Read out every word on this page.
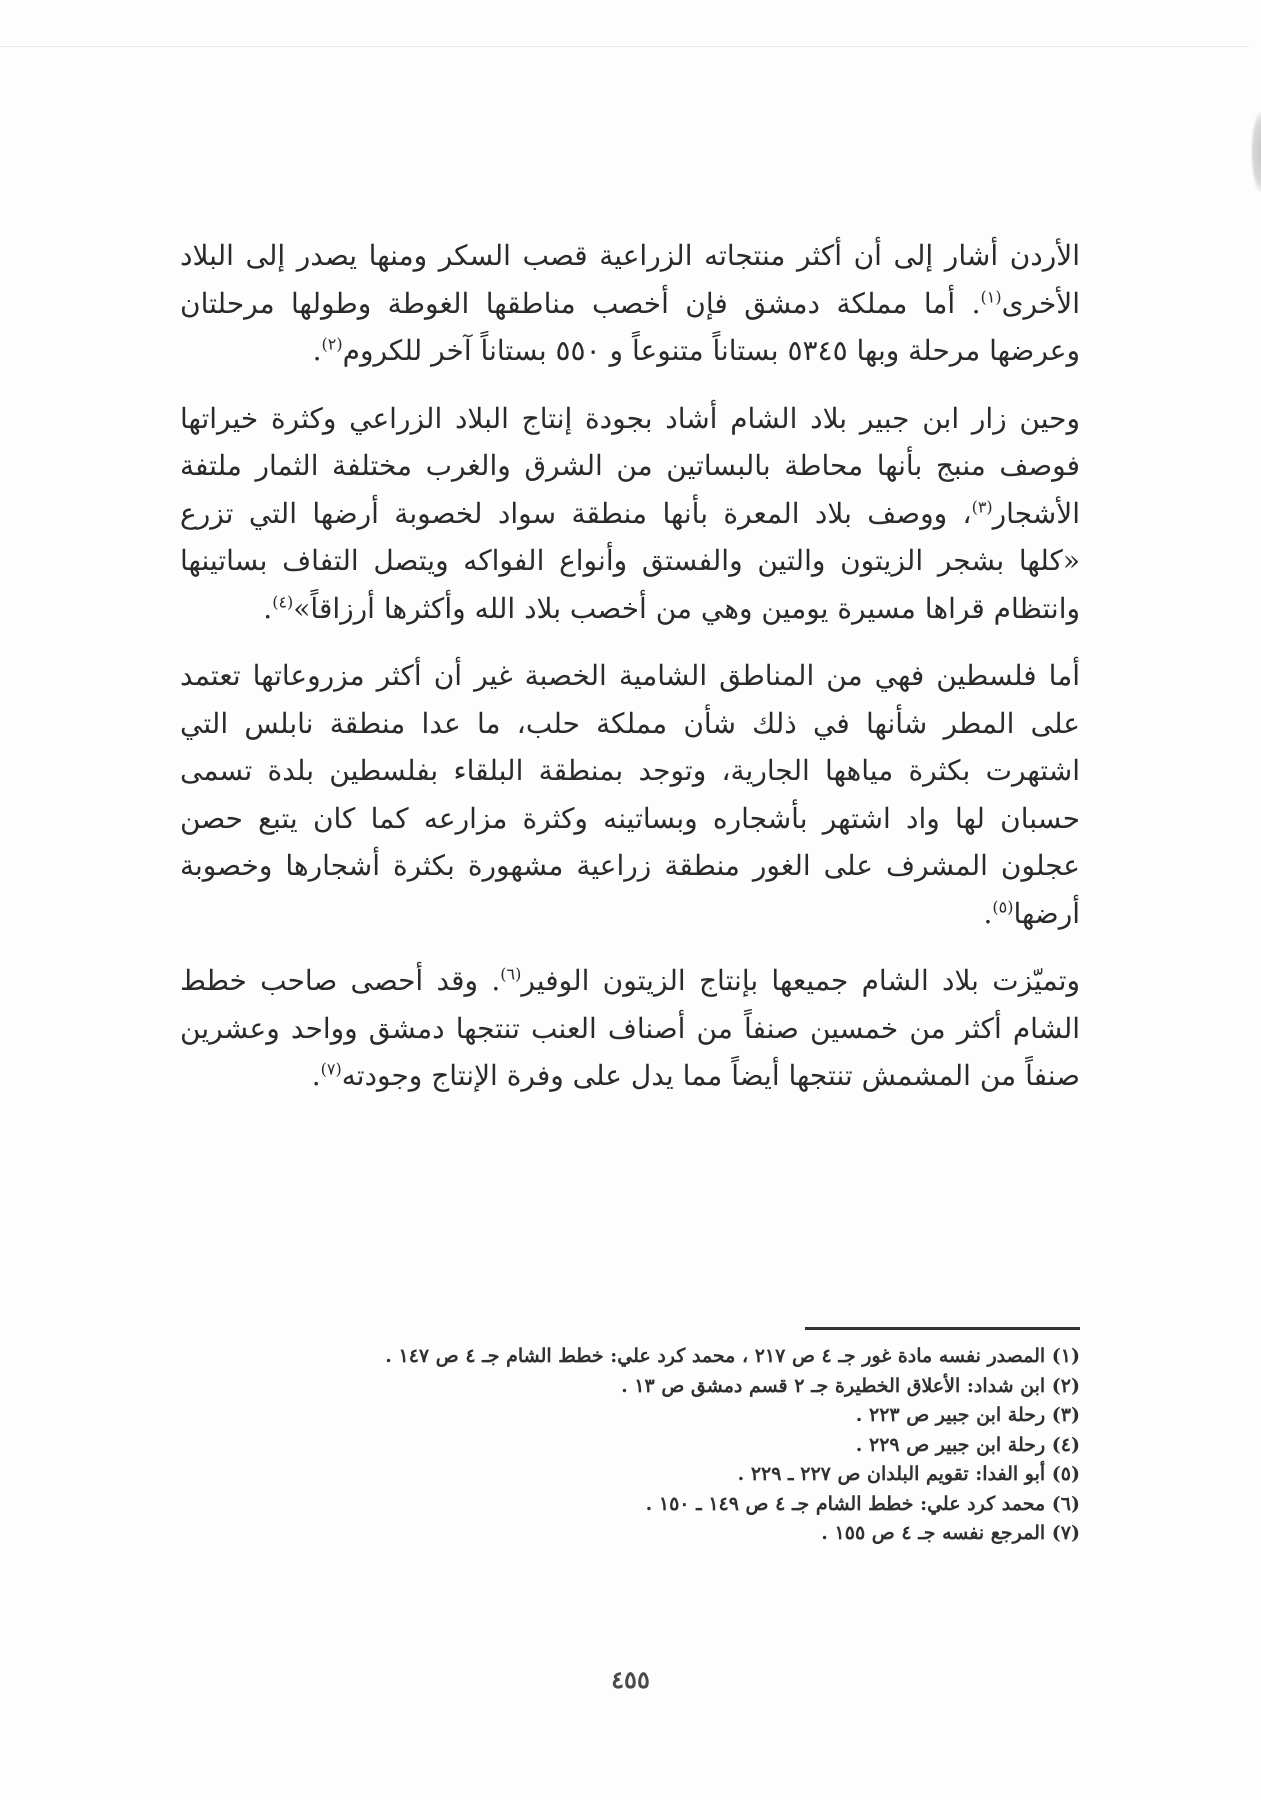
الأردن أشار إلى أن أكثر منتجاته الزراعية قصب السكر ومنها يصدر إلى البلاد الأخرى$^{(١)}$. أما مملكة دمشق فإن أخصب مناطقها الغوطة وطولها مرحلتان وعرضها مرحلة وبها ٥٣٤٥ بستاناً متنوعاً و ٥٥٠ بستاناً آخر للكروم$^{(٢)}$.

وحين زار ابن جبير بلاد الشام أشاد بجودة إنتاج البلاد الزراعي وكثرة خيراتها فوصف منبج بأنها محاطة بالبساتين من الشرق والغرب مختلفة الثمار ملتفة الأشجار$^{(٣)}$، ووصف بلاد المعرة بأنها منطقة سواد لخصوبة أرضها التي تزرع «كلها بشجر الزيتون والتين والفستق وأنواع الفواكه ويتصل التفاف بساتينها وانتظام قراها مسيرة يومين وهي من أخصب بلاد الله وأكثرها أرزاقاً»$^{(٤)}$.

أما فلسطين فهي من المناطق الشامية الخصبة غير أن أكثر مزروعاتها تعتمد على المطر شأنها في ذلك شأن مملكة حلب، ما عدا منطقة نابلس التي اشتهرت بكثرة مياهها الجارية، وتوجد بمنطقة البلقاء بفلسطين بلدة تسمى حسبان لها واد اشتهر بأشجاره وبساتينه وكثرة مزارعه كما كان يتبع حصن عجلون المشرف على الغور منطقة زراعية مشهورة بكثرة أشجارها وخصوبة أرضها$^{(٥)}$.

وتميّزت بلاد الشام جميعها بإنتاج الزيتون الوفير$^{(٦)}$. وقد أحصى صاحب خطط الشام أكثر من خمسين صنفاً من أصناف العنب تنتجها دمشق وواحد وعشرين صنفاً من المشمش تنتجها أيضاً مما يدل على وفرة الإنتاج وجودته$^{(٧)}$.

(١) المصدر نفسه مادة غور جـ ٤ ص ٢١٧ ، محمد كرد علي: خطط الشام جـ ٤ ص ١٤٧ .
(٢) ابن شداد: الأعلاق الخطيرة جـ ٢ قسم دمشق ص ١٣ .
(٣) رحلة ابن جبير ص ٢٢٣ .
(٤) رحلة ابن جبير ص ٢٢٩ .
(٥) أبو الفدا: تقويم البلدان ص ٢٢٧ ـ ٢٢٩ .
(٦) محمد كرد علي: خطط الشام جـ ٤ ص ١٤٩ ـ ١٥٠ .
(٧) المرجع نفسه جـ ٤ ص ١٥٥ .
٤٥٥
